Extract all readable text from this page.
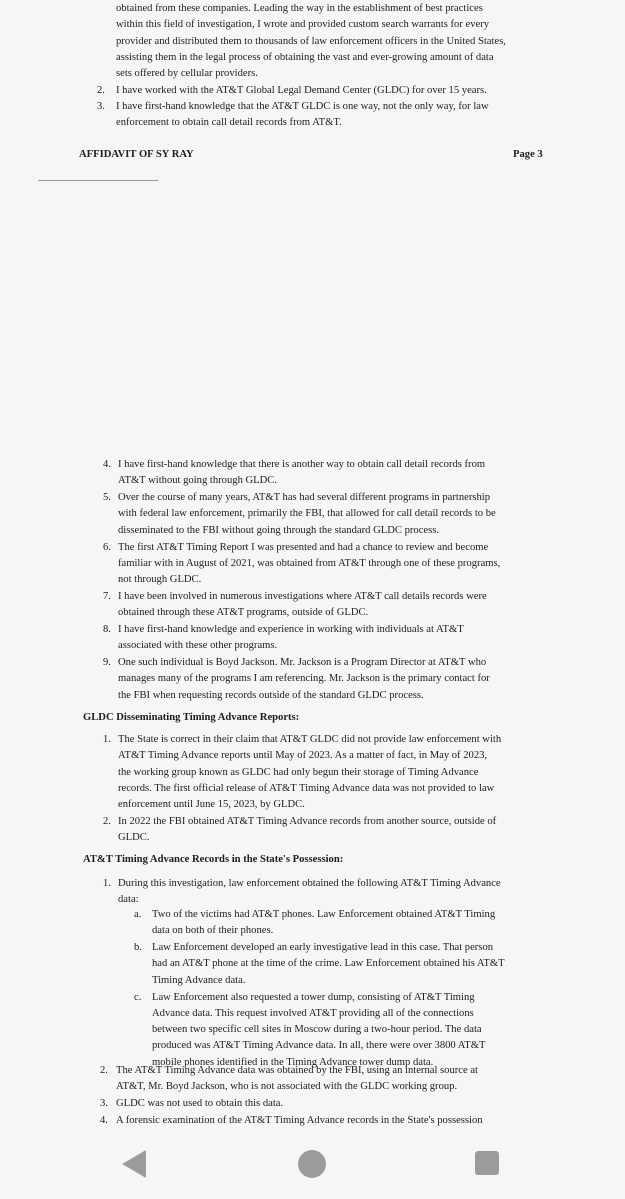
obtained from these companies. Leading the way in the establishment of best practices
within this field of investigation, I wrote and provided custom search warrants for every
provider and distributed them to thousands of law enforcement officers in the United States,
assisting them in the legal process of obtaining the vast and ever-growing amount of data
sets offered by cellular providers.
2. I have worked with the AT&T Global Legal Demand Center (GLDC) for over 15 years.
3. I have first-hand knowledge that the AT&T GLDC is one way, not the only way, for law
enforcement to obtain call detail records from AT&T.
AFFIDAVIT OF SY RAY	Page 3
4. I have first-hand knowledge that there is another way to obtain call detail records from
AT&T without going through GLDC.
5. Over the course of many years, AT&T has had several different programs in partnership
with federal law enforcement, primarily the FBI, that allowed for call detail records to be
disseminated to the FBI without going through the standard GLDC process.
6. The first AT&T Timing Report I was presented and had a chance to review and become
familiar with in August of 2021, was obtained from AT&T through one of these programs,
not through GLDC.
7. I have been involved in numerous investigations where AT&T call details records were
obtained through these AT&T programs, outside of GLDC.
8. I have first-hand knowledge and experience in working with individuals at AT&T
associated with these other programs.
9. One such individual is Boyd Jackson. Mr. Jackson is a Program Director at AT&T who
manages many of the programs I am referencing. Mr. Jackson is the primary contact for
the FBI when requesting records outside of the standard GLDC process.
GLDC Disseminating Timing Advance Reports:
1. The State is correct in their claim that AT&T GLDC did not provide law enforcement with
AT&T Timing Advance reports until May of 2023. As a matter of fact, in May of 2023,
the working group known as GLDC had only begun their storage of Timing Advance
records. The first official release of AT&T Timing Advance data was not provided to law
enforcement until June 15, 2023, by GLDC.
2. In 2022 the FBI obtained AT&T Timing Advance records from another source, outside of
GLDC.
AT&T Timing Advance Records in the State's Possession:
1. During this investigation, law enforcement obtained the following AT&T Timing Advance
data:
a. Two of the victims had AT&T phones. Law Enforcement obtained AT&T Timing
data on both of their phones.
b. Law Enforcement developed an early investigative lead in this case. That person
had an AT&T phone at the time of the crime. Law Enforcement obtained his AT&T
Timing Advance data.
c. Law Enforcement also requested a tower dump, consisting of AT&T Timing
Advance data. This request involved AT&T providing all of the connections
between two specific cell sites in Moscow during a two-hour period. The data
produced was AT&T Timing Advance data. In all, there were over 3800 AT&T
mobile phones identified in the Timing Advance tower dump data.
2. The AT&T Timing Advance data was obtained by the FBI, using an internal source at
AT&T, Mr. Boyd Jackson, who is not associated with the GLDC working group.
3. GLDC was not used to obtain this data.
4. A forensic examination of the AT&T Timing Advance records in the State's possession
